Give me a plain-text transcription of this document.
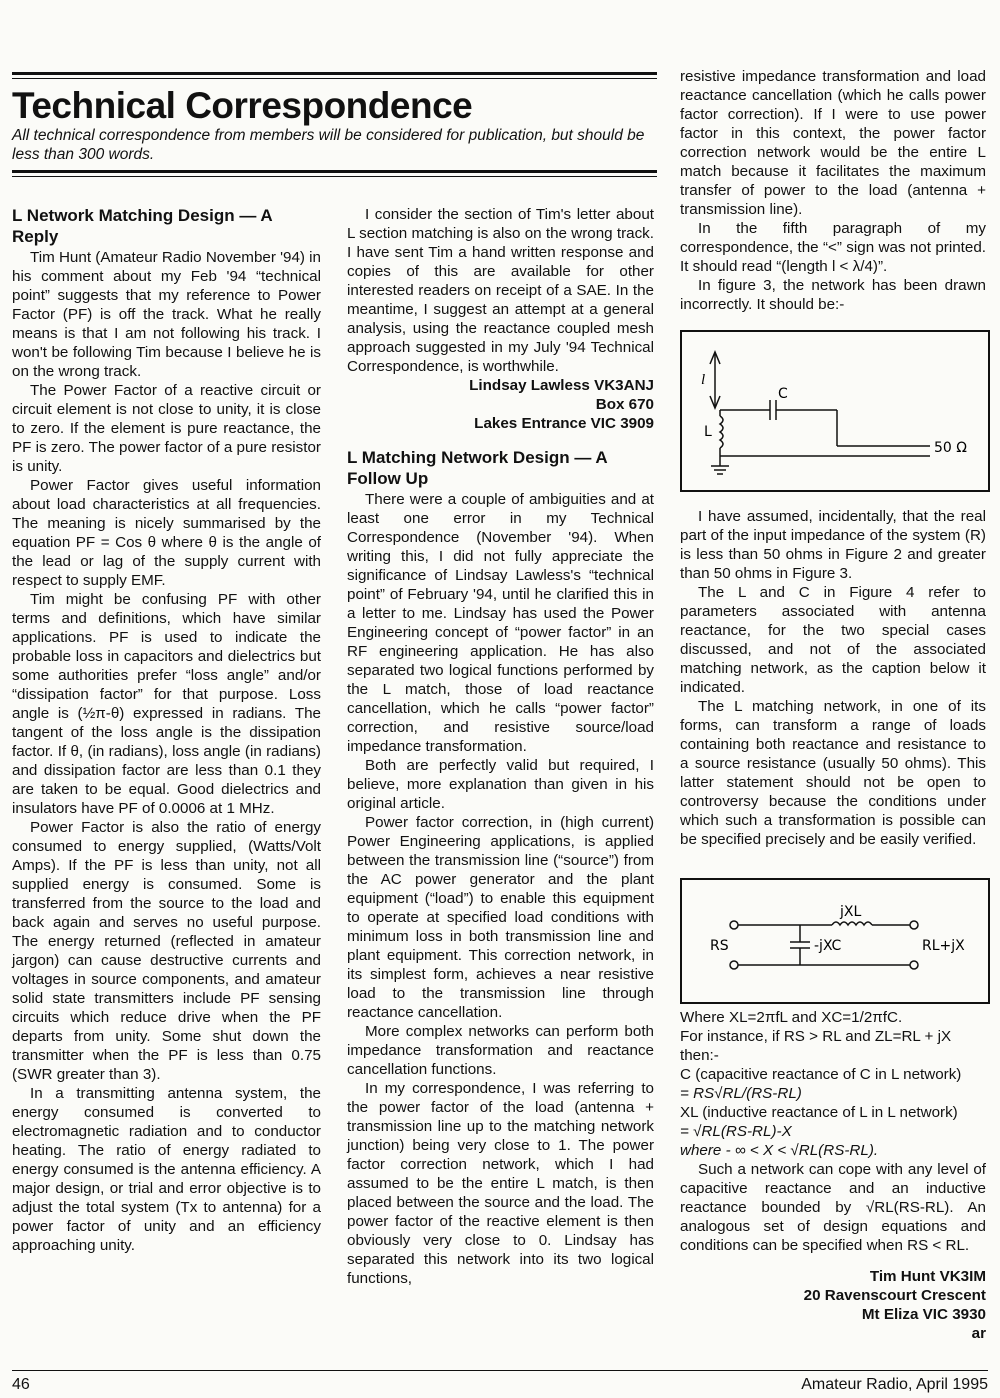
Technical Correspondence
All technical correspondence from members will be considered for publication, but should be less than 300 words.
L Network Matching Design — A Reply

Tim Hunt (Amateur Radio November '94) in his comment about my Feb '94 “technical point” suggests that my reference to Power Factor (PF) is off the track. What he really means is that I am not following his track. I won't be following Tim because I believe he is on the wrong track.

The Power Factor of a reactive circuit or circuit element is not close to unity, it is close to zero. If the element is pure reactance, the PF is zero. The power factor of a pure resistor is unity.

Power Factor gives useful information about load characteristics at all frequencies. The meaning is nicely summarised by the equation PF = Cos θ where θ is the angle of the lead or lag of the supply current with respect to supply EMF.

Tim might be confusing PF with other terms and definitions, which have similar applications. PF is used to indicate the probable loss in capacitors and dielectrics but some authorities prefer “loss angle” and/or “dissipation factor” for that purpose. Loss angle is (½π-θ) expressed in radians. The tangent of the loss angle is the dissipation factor. If θ, (in radians), loss angle (in radians) and dissipation factor are less than 0.1 they are taken to be equal. Good dielectrics and insulators have PF of 0.0006 at 1 MHz.

Power Factor is also the ratio of energy consumed to energy supplied, (Watts/Volt Amps). If the PF is less than unity, not all supplied energy is consumed. Some is transferred from the source to the load and back again and serves no useful purpose. The energy returned (reflected in amateur jargon) can cause destructive currents and voltages in source components, and amateur solid state transmitters include PF sensing circuits which reduce drive when the PF departs from unity. Some shut down the transmitter when the PF is less than 0.75 (SWR greater than 3).

In a transmitting antenna system, the energy consumed is converted to electromagnetic radiation and to conductor heating. The ratio of energy radiated to energy consumed is the antenna efficiency. A major design, or trial and error objective is to adjust the total system (Tx to antenna) for a power factor of unity and an efficiency approaching unity.

I consider the section of Tim's letter about L section matching is also on the wrong track. I have sent Tim a hand written response and copies of this are available for other interested readers on receipt of a SAE. In the meantime, I suggest an attempt at a general analysis, using the reactance coupled mesh approach suggested in my July '94 Technical Correspondence, is worthwhile.

Lindsay Lawless VK3ANJ

Box 670

Lakes Entrance VIC 3909

L Matching Network Design — A Follow Up

There were a couple of ambiguities and at least one error in my Technical Correspondence (November '94). When writing this, I did not fully appreciate the significance of Lindsay Lawless's “technical point” of February '94, until he clarified this in a letter to me. Lindsay has used the Power Engineering concept of “power factor” in an RF engineering application. He has also separated two logical functions performed by the L match, those of load reactance cancellation, which he calls “power factor” correction, and resistive source/load impedance transformation.

Both are perfectly valid but required, I believe, more explanation than given in his original article.

Power factor correction, in (high current) Power Engineering applications, is applied between the transmission line (“source”) from the AC power generator and the plant equipment (“load”) to enable this equipment to operate at specified load conditions with minimum loss in both transmission line and plant equipment. This correction network, in its simplest form, achieves a near resistive load to the transmission line through reactance cancellation.

More complex networks can perform both impedance transformation and reactance cancellation functions.

In my correspondence, I was referring to the power factor of the load (antenna + transmission line up to the matching network junction) being very close to 1. The power factor correction network, which I had assumed to be the entire L match, is then placed between the source and the load. The power factor of the reactive element is then obviously very close to 0. Lindsay has separated this network into its two logical functions,

resistive impedance transformation and load reactance cancellation (which he calls power factor correction). If I were to use power factor in this context, the power factor correction network would be the entire L match because it facilitates the maximum transfer of power to the load (antenna + transmission line).

In the fifth paragraph of my correspondence, the “<” sign was not printed. It should read “(length l < λ/4)”.

In figure 3, the network has been drawn incorrectly. It should be:-

l
C
L
50 Ω

I have assumed, incidentally, that the real part of the input impedance of the system (R) is less than 50 ohms in Figure 2 and greater than 50 ohms in Figure 3.

The L and C in Figure 4 refer to parameters associated with antenna reactance, for the two special cases discussed, and not of the associated matching network, as the caption below it indicated.

The L matching network, in one of its forms, can transform a range of loads containing both reactance and resistance to a source resistance (usually 50 ohms). This latter statement should not be open to controversy because the conditions under which such a transformation is possible can be specified precisely and be easily verified.

jXL
RS	-jXC	RL+jX

Where XL=2πfL and XC=1/2πfC.

For instance, if RS > RL and ZL=RL + jX then:-

C (capacitive reactance of C in L network)

= RS√RL/(RS-RL)

XL (inductive reactance of L in L network)

= √RL(RS-RL)-X

where - ∞ < X < √RL(RS-RL).

Such a network can cope with any level of capacitive reactance and an inductive reactance bounded by √RL(RS-RL). An analogous set of design equations and conditions can be specified when RS < RL.

Tim Hunt VK3IM

20 Ravenscourt Crescent

Mt Eliza VIC 3930

ar

46	Amateur Radio, April 1995
